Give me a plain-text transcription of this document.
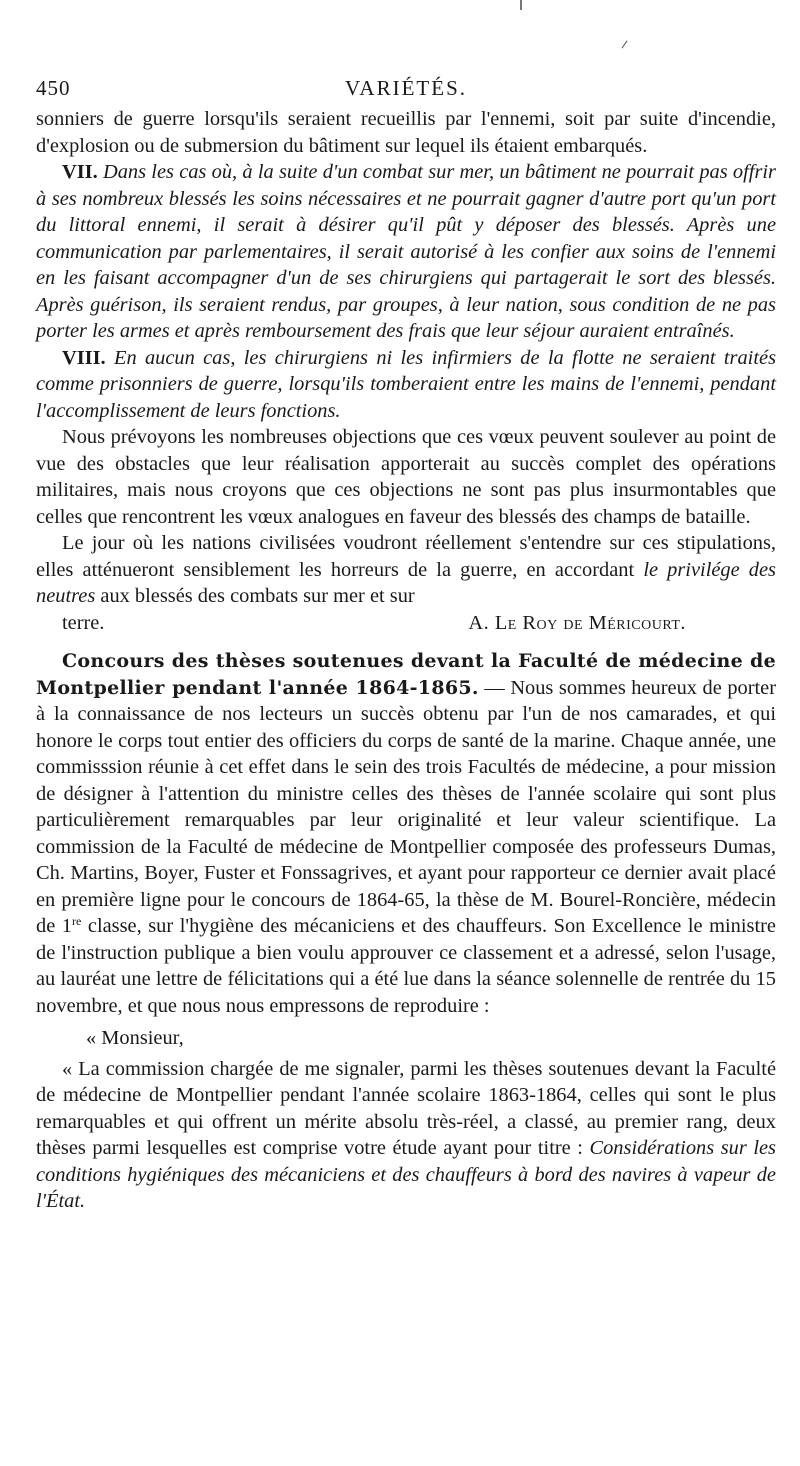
450	VARIÉTÉS.

sonniers de guerre lorsqu'ils seraient recueillis par l'ennemi, soit par suite d'incendie, d'explosion ou de submersion du bâtiment sur lequel ils étaient embarqués.

VII. Dans les cas où, à la suite d'un combat sur mer, un bâtiment ne pourrait pas offrir à ses nombreux blessés les soins nécessaires et ne pourrait gagner d'autre port qu'un port du littoral ennemi, il serait à désirer qu'il pût y déposer des blessés. Après une communication par parlementaires, il serait autorisé à les confier aux soins de l'ennemi en les faisant accompagner d'un de ses chirurgiens qui partagerait le sort des blessés. Après guérison, ils seraient rendus, par groupes, à leur nation, sous condition de ne pas porter les armes et après remboursement des frais que leur séjour auraient entraînés.

VIII. En aucun cas, les chirurgiens ni les infirmiers de la flotte ne seraient traités comme prisonniers de guerre, lorsqu'ils tomberaient entre les mains de l'ennemi, pendant l'accomplissement de leurs fonctions.

Nous prévoyons les nombreuses objections que ces vœux peuvent soulever au point de vue des obstacles que leur réalisation apporterait au succès complet des opérations militaires, mais nous croyons que ces objections ne sont pas plus insurmontables que celles que rencontrent les vœux analogues en faveur des blessés des champs de bataille.

Le jour où les nations civilisées voudront réellement s'entendre sur ces stipulations, elles atténueront sensiblement les horreurs de la guerre, en accordant le privilége des neutres aux blessés des combats sur mer et sur

terre.	A. Le Roy de Méricourt.

Concours des thèses soutenues devant la Faculté de médecine de Montpellier pendant l'année 1864-1865. — Nous sommes heureux de porter à la connaissance de nos lecteurs un succès obtenu par l'un de nos camarades, et qui honore le corps tout entier des officiers du corps de santé de la marine. Chaque année, une commisssion réunie à cet effet dans le sein des trois Facultés de médecine, a pour mission de désigner à l'attention du ministre celles des thèses de l'année scolaire qui sont plus particulièrement remarquables par leur originalité et leur valeur scientifique. La commission de la Faculté de médecine de Montpellier composée des professeurs Dumas, Ch. Martins, Boyer, Fuster et Fonssagrives, et ayant pour rapporteur ce dernier avait placé en première ligne pour le concours de 1864-65, la thèse de M. Bourel-Roncière, médecin de 1re classe, sur l'hygiène des mécaniciens et des chauffeurs. Son Excellence le ministre de l'instruction publique a bien voulu approuver ce classement et a adressé, selon l'usage, au lauréat une lettre de félicitations qui a été lue dans la séance solennelle de rentrée du 15 novembre, et que nous nous empressons de reproduire :

« Monsieur,

« La commission chargée de me signaler, parmi les thèses soutenues devant la Faculté de médecine de Montpellier pendant l'année scolaire 1863-1864, celles qui sont le plus remarquables et qui offrent un mérite absolu très-réel, a classé, au premier rang, deux thèses parmi lesquelles est comprise votre étude ayant pour titre : Considérations sur les conditions hygiéniques des mécaniciens et des chauffeurs à bord des navires à vapeur de l'État.
